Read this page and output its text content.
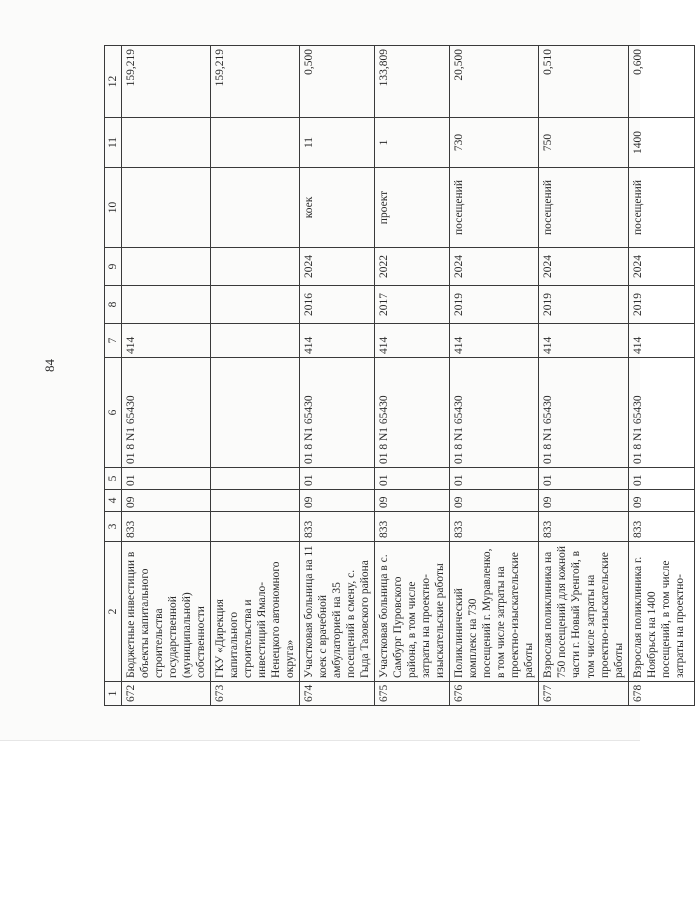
84
1	2	3	4	5	6	7	8	9	10	11	12
672	Бюджетные инвестиции в объекты капитального строительства государственной (муниципальной) собственности	833	09	01	01 8 N1 65430	414					159,219
673	ГКУ «Дирекция капитального строительства и инвестиций Ямало-Ненецкого автономного округа»										159,219
674	Участковая больница на 11 коек с врачебной амбулаторией на 35 посещений в смену, с. Гыда Тазовского района	833	09	01	01 8 N1 65430	414	2016	2024	коек	11	0,500
675	Участковая больница в с. Самбург Пуровского района, в том числе затраты на проектно-изыскательские работы	833	09	01	01 8 N1 65430	414	2017	2022	проект	1	133,809
676	Поликлинический комплекс на 730 посещений г. Муравленко, в том числе затраты на проектно-изыскательские работы	833	09	01	01 8 N1 65430	414	2019	2024	посещений	730	20,500
677	Взрослая поликлиника на 750 посещений для южной части г. Новый Уренгой, в том числе затраты на проектно-изыскательские работы	833	09	01	01 8 N1 65430	414	2019	2024	посещений	750	0,510
678	Взрослая поликлиника г. Ноябрьск на 1400 посещений, в том числе затраты на проектно-	833	09	01	01 8 N1 65430	414	2019	2024	посещений	1400	0,600
